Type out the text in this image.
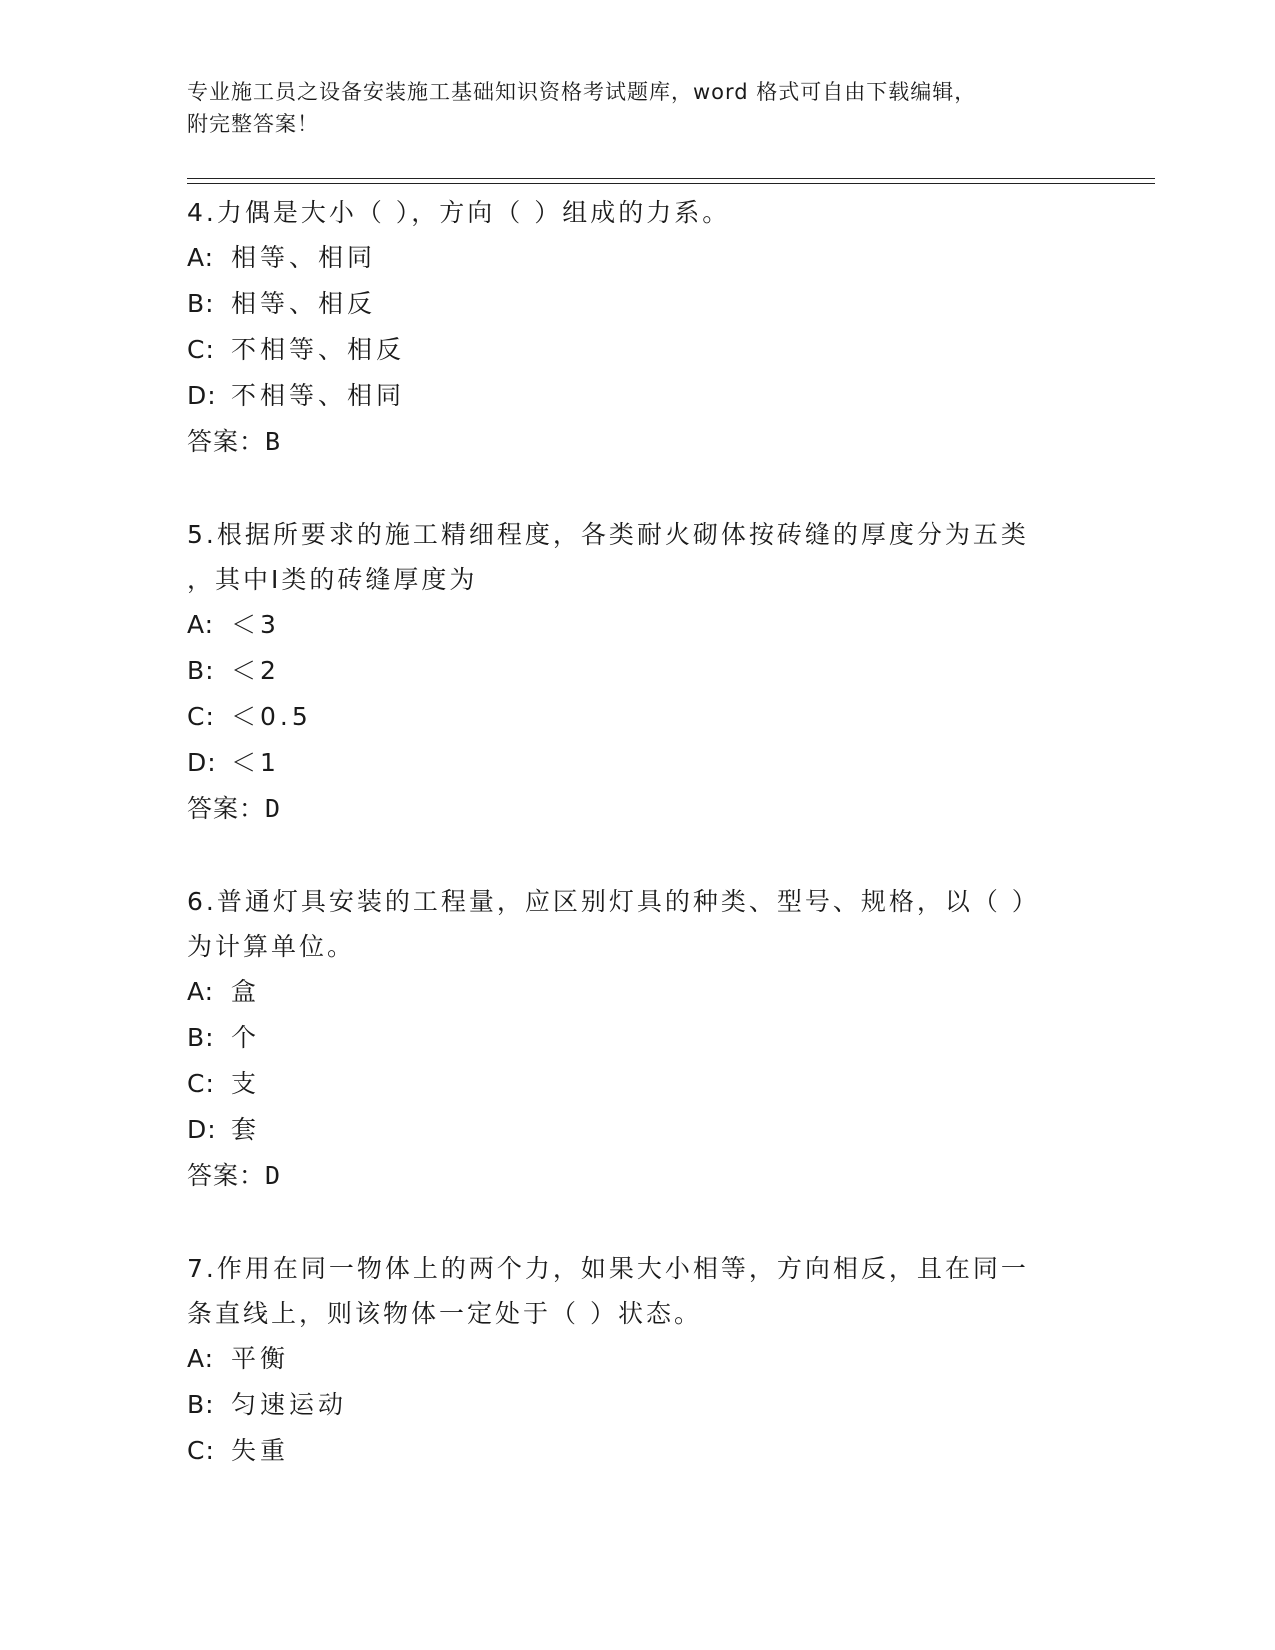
专业施工员之设备安装施工基础知识资格考试题库，word 格式可自由下载编辑，
附完整答案！
4.力偶是大小（ ），方向（ ）组成的力系。
A: 相等、相同
B: 相等、相反
C: 不相等、相反
D: 不相等、相同
答案：B
5.根据所要求的施工精细程度，各类耐火砌体按砖缝的厚度分为五类
，其中Ⅰ类的砖缝厚度为
A: ＜3
B: ＜2
C: ＜0.5
D: ＜1
答案：D
6.普通灯具安装的工程量，应区别灯具的种类、型号、规格，以（ ）
为计算单位。
A: 盒
B: 个
C: 支
D: 套
答案：D
7.作用在同一物体上的两个力，如果大小相等，方向相反，且在同一
条直线上，则该物体一定处于（ ）状态。
A: 平衡
B: 匀速运动
C: 失重
